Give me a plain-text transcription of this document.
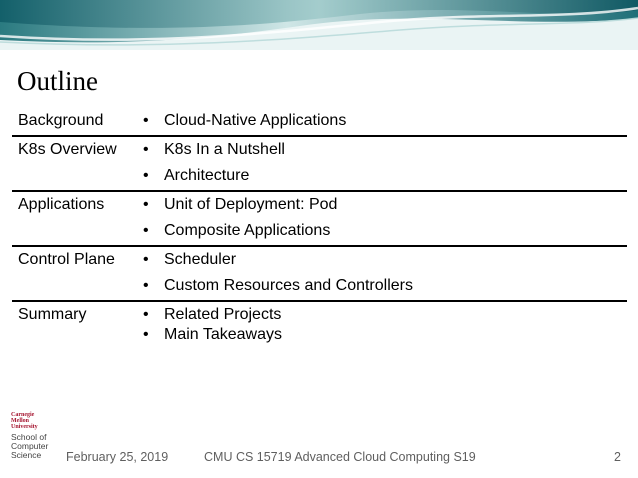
Outline
Background • Cloud-Native Applications
K8s Overview • K8s In a Nutshell
• Architecture
Applications • Unit of Deployment: Pod
• Composite Applications
Control Plane • Scheduler
• Custom Resources and Controllers
Summary	• Related Projects
• Main Takeaways
Carnegie
Mellon
University
School of
Computer
Science	February 25, 2019	CMU CS 15719 Advanced Cloud Computing S19	2
